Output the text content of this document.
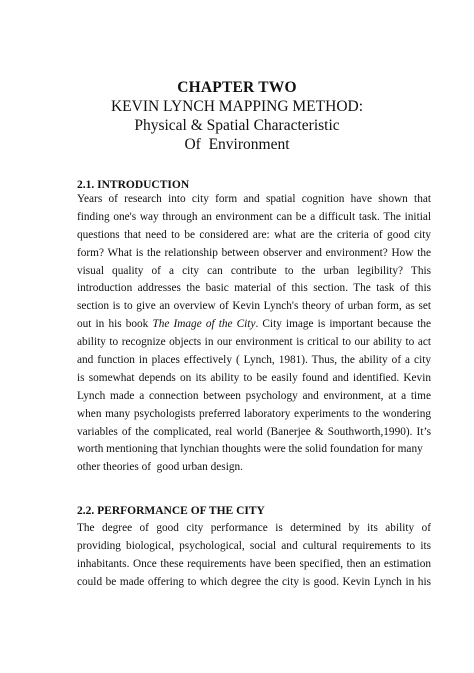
CHAPTER TWO
KEVIN LYNCH MAPPING METHOD:
Physical & Spatial Characteristic
Of  Environment
2.1. INTRODUCTION
Years of research into city form and spatial cognition have shown that
finding one's way through an environment can be a difficult task. The initial
questions that need to be considered are: what are the criteria of good city
form? What is the relationship between observer and environment? How the
visual quality of a city can contribute to the urban legibility? This
introduction addresses the basic material of this section. The task of this
section is to give an overview of Kevin Lynch's theory of urban form, as set
out in his book The Image of the City. City image is important because the
ability to recognize objects in our environment is critical to our ability to act
and function in places effectively ( Lynch, 1981). Thus, the ability of a city
is somewhat depends on its ability to be easily found and identified. Kevin
Lynch made a connection between psychology and environment, at a time
when many psychologists preferred laboratory experiments to the wondering
variables of the complicated, real world (Banerjee & Southworth,1990). It’s
worth mentioning that lynchian thoughts were the solid foundation for many
other theories of  good urban design.
2.2. PERFORMANCE OF THE CITY
The degree of good city performance is determined by its ability of
providing biological, psychological, social and cultural requirements to its
inhabitants. Once these requirements have been specified, then an estimation
could be made offering to which degree the city is good. Kevin Lynch in his
